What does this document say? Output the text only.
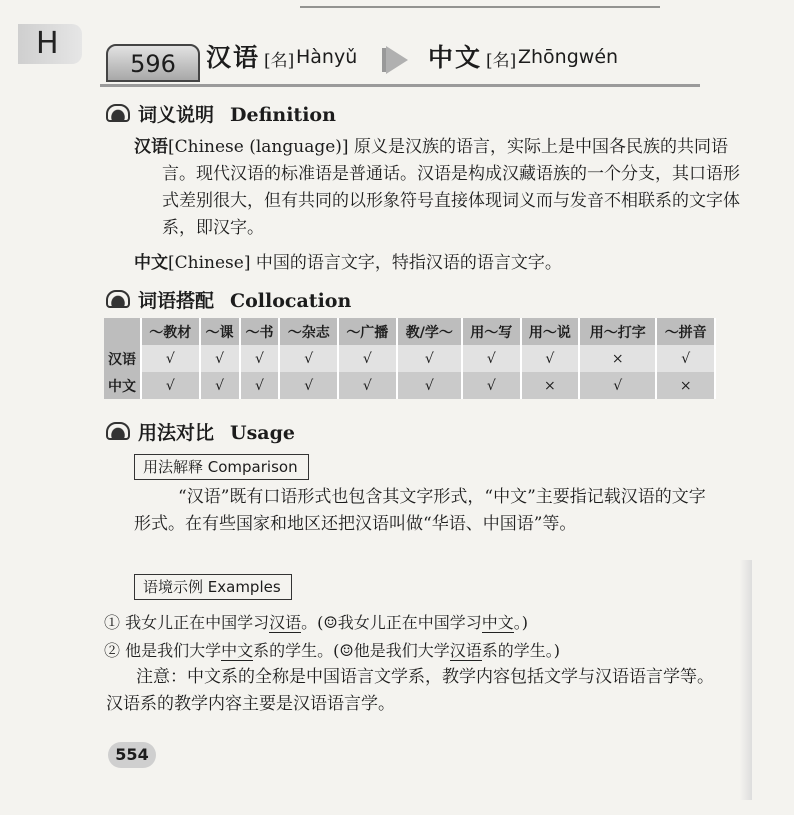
H
596	汉语 [名] Hànyǔ	中文 [名] Zhōngwén
词义说明 Definition
汉语[Chinese (language)] 原义是汉族的语言，实际上是中国各民族的共同语言。现代汉语的标准语是普通话。汉语是构成汉藏语族的一个分支，其口语形式差别很大，但有共同的以形象符号直接体现词义而与发音不相联系的文字体系，即汉字。
中文[Chinese] 中国的语言文字，特指汉语的语言文字。
词语搭配 Collocation
	～教材	～课	～书	～杂志	～广播	教/学～	用～写	用～说	用～打字	～拼音
汉语	√	√	√	√	√	√	√	√	×	√
中文	√	√	√	√	√	√	√	×	√	×
用法对比 Usage
用法解释 Comparison
“汉语”既有口语形式也包含其文字形式，“中文”主要指记载汉语的文字形式。在有些国家和地区还把汉语叫做“华语、中国语”等。
语境示例 Examples
① 我女儿正在中国学习汉语。(☺我女儿正在中国学习中文。)
② 他是我们大学中文系的学生。(☺他是我们大学汉语系的学生。)
注意：中文系的全称是中国语言文学系，教学内容包括文学与汉语语言学等。汉语系的教学内容主要是汉语语言学。
554
